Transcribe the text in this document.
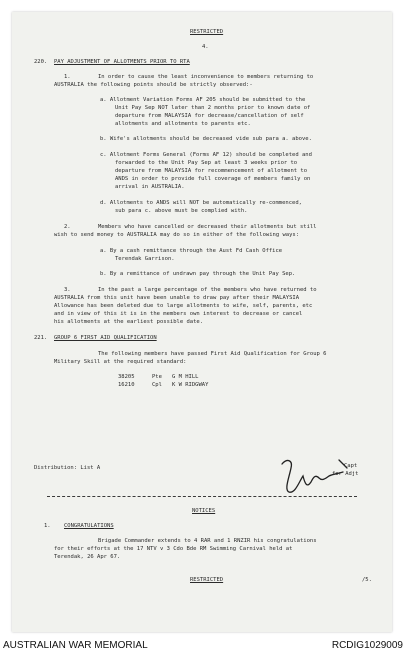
RESTRICTED
4.
220. PAY ADJUSTMENT OF ALLOTMENTS PRIOR TO RTA
1.	In order to cause the least inconvenience to members returning to
AUSTRALIA the following points should be strictly observed:-
a. Allotment Variation Forms AF 205 should be submitted to the
Unit Pay Sep NOT later than 2 months prior to known date of
departure from MALAYSIA for decrease/cancellation of self
allotments and allotments to parents etc.
b. Wife's allotments should be decreased vide sub para a. above.
c. Allotment Forms General (Forms AF 12) should be completed and
forwarded to the Unit Pay Sep at least 3 weeks prior to
departure from MALAYSIA for recommencement of allotment to
ANDS in order to provide full coverage of members family on
arrival in AUSTRALIA.
d. Allotments to ANDS will NOT be automatically re-commenced,
sub para c. above must be complied with.
2.	Members who have cancelled or decreased their allotments but still
wish to send money to AUSTRALIA may do so in either of the following ways:
a. By a cash remittance through the Aust Fd Cash Office
Terendak Garrison.
b. By a remittance of undrawn pay through the Unit Pay Sep.
3.	In the past a large percentage of the members who have returned to
AUSTRALIA from this unit have been unable to draw pay after their MALAYSIA
Allowance has been deleted due to large allotments to wife, self, parents, etc
and in view of this it is in the members own interest to decrease or cancel
his allotments at the earliest possible date.
221. GROUP 6 FIRST AID QUALIFICATION
The following members have passed First Aid Qualification for Group 6
Military Skill at the required standard:
38205	Pte G M HILL
16210	Cpl K W RIDGWAY
Distribution: List A	Capt
for Adjt
NOTICES
1. CONGRATULATIONS
Brigade Commander extends to 4 RAR and 1 RNZIR his congratulations
for their efforts at the 17 NTV v 3 Cdo Bde RM Swimming Carnival held at
Terendak, 26 Apr 67.
RESTRICTED	/5.
AUSTRALIAN WAR MEMORIAL	RCDIG1029009
